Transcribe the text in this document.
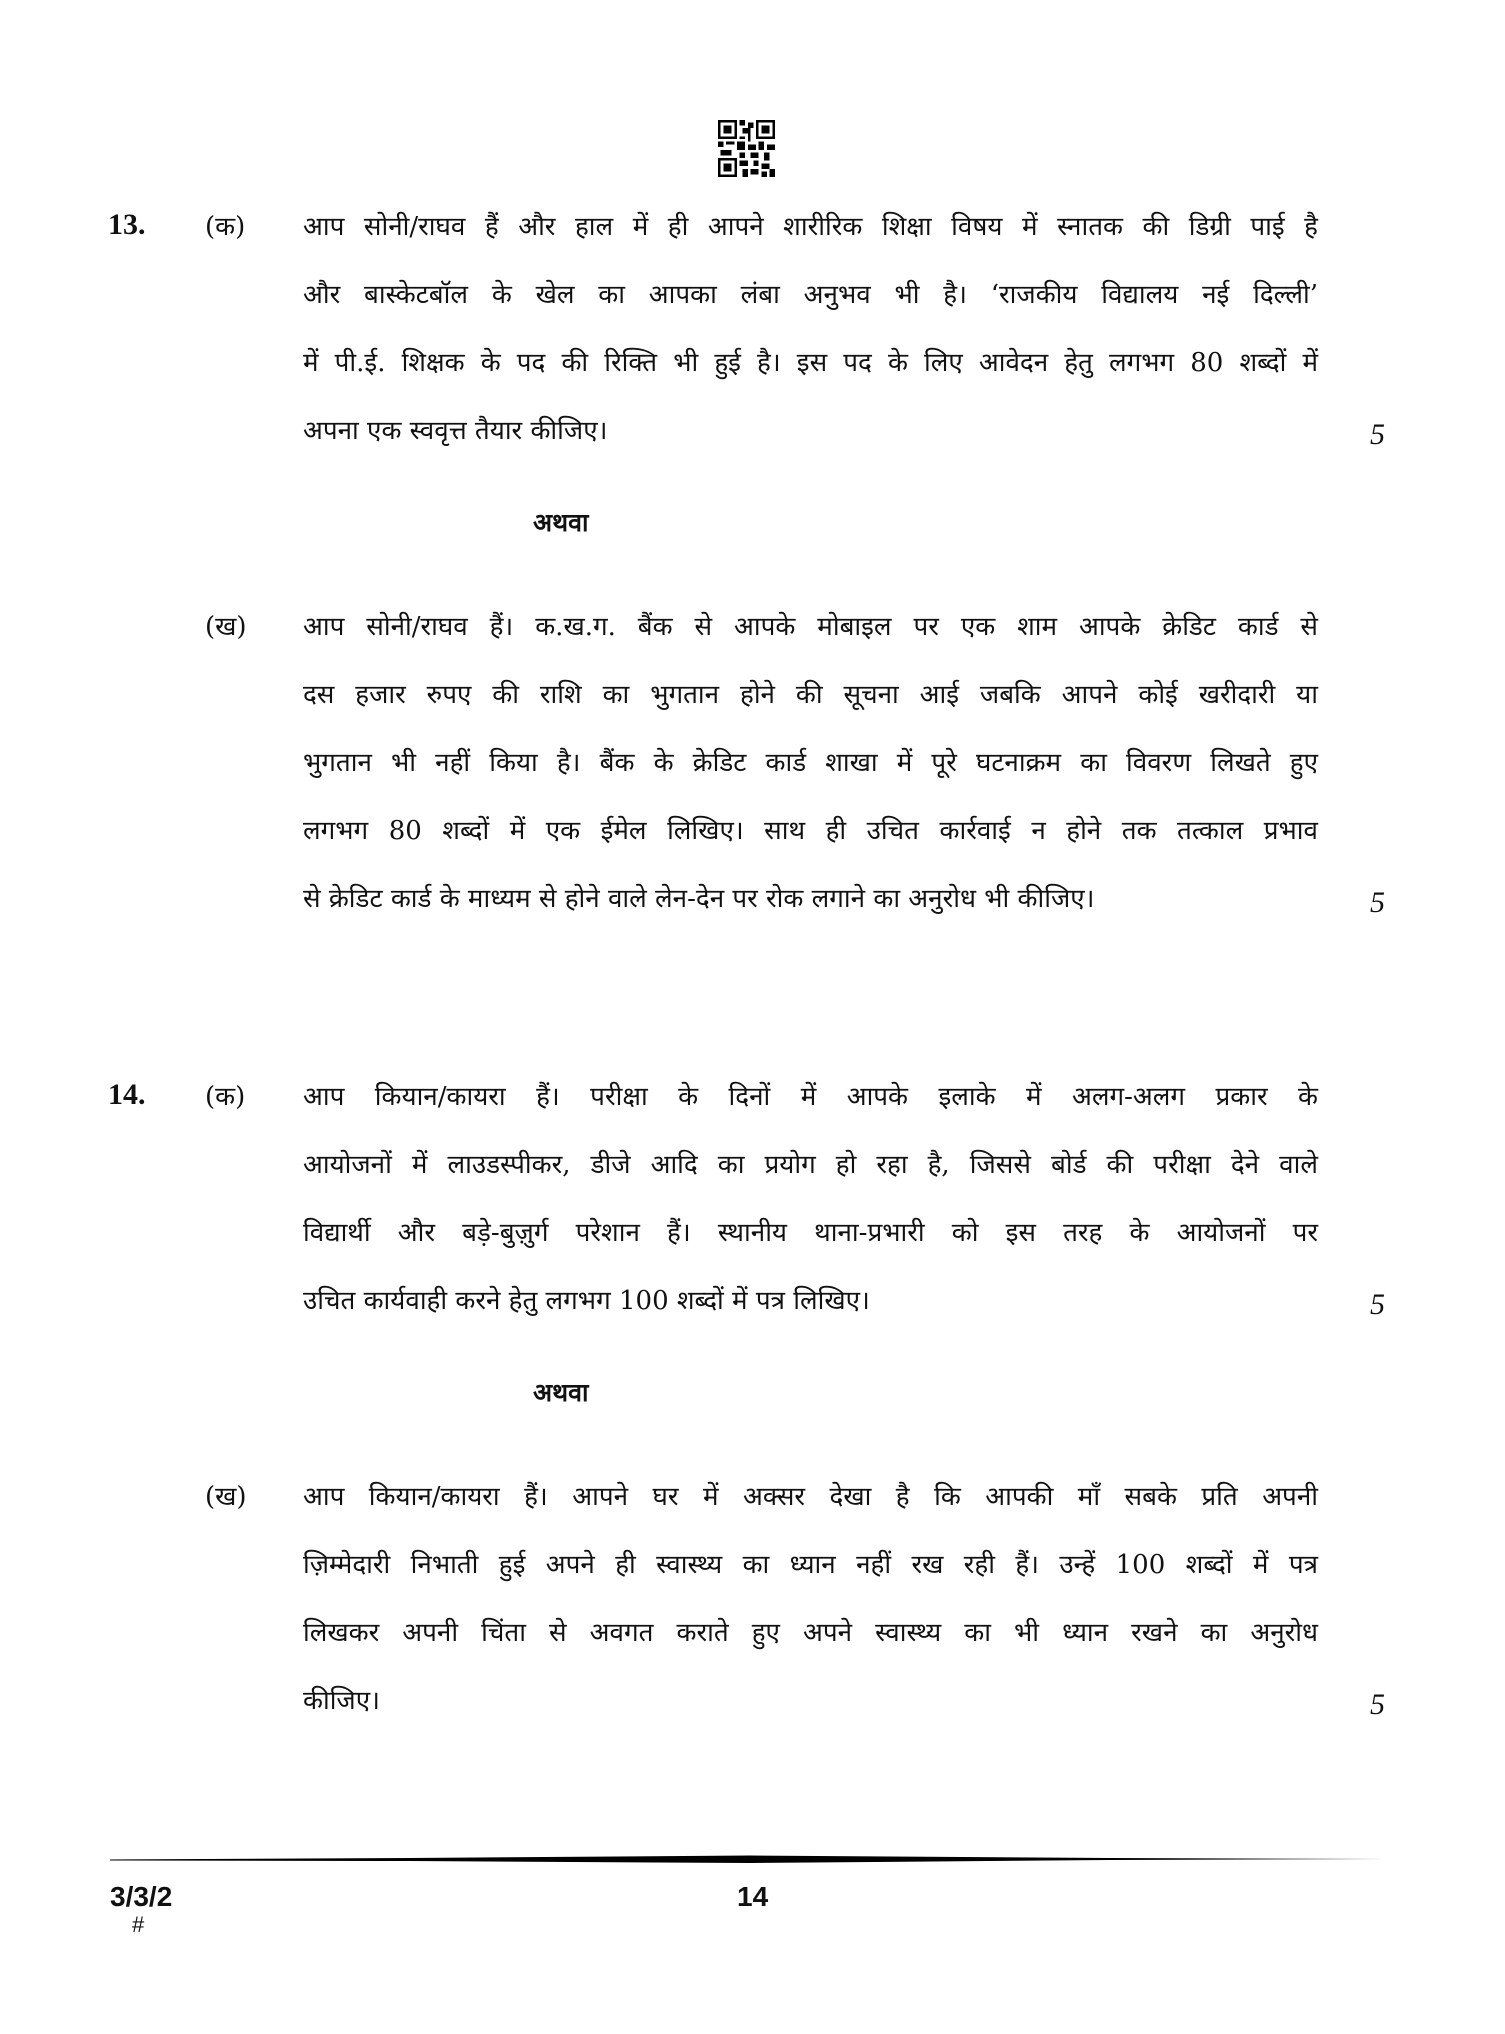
13. (क) आप सोनी/राघव हैं और हाल में ही आपने शारीरिक शिक्षा विषय में स्नातक की डिग्री पाई है
और बास्केटबॉल के खेल का आपका लंबा अनुभव भी है। ‘राजकीय विद्यालय नई दिल्ली’
में पी.ई. शिक्षक के पद की रिक्ति भी हुई है। इस पद के लिए आवेदन हेतु लगभग 80 शब्दों में
अपना एक स्ववृत्त तैयार कीजिए।	5
अथवा
(ख) आप सोनी/राघव हैं। क.ख.ग. बैंक से आपके मोबाइल पर एक शाम आपके क्रेडिट कार्ड से
दस हजार रुपए की राशि का भुगतान होने की सूचना आई जबकि आपने कोई खरीदारी या
भुगतान भी नहीं किया है। बैंक के क्रेडिट कार्ड शाखा में पूरे घटनाक्रम का विवरण लिखते हुए
लगभग 80 शब्दों में एक ईमेल लिखिए। साथ ही उचित कार्रवाई न होने तक तत्काल प्रभाव
से क्रेडिट कार्ड के माध्यम से होने वाले लेन-देन पर रोक लगाने का अनुरोध भी कीजिए।	5
14. (क) आप कियान/कायरा हैं। परीक्षा के दिनों में आपके इलाके में अलग-अलग प्रकार के
आयोजनों में लाउडस्पीकर, डीजे आदि का प्रयोग हो रहा है, जिससे बोर्ड की परीक्षा देने वाले
विद्यार्थी और बड़े-बुज़ुर्ग परेशान हैं। स्थानीय थाना-प्रभारी को इस तरह के आयोजनों पर
उचित कार्यवाही करने हेतु लगभग 100 शब्दों में पत्र लिखिए।	5
अथवा
(ख) आप कियान/कायरा हैं। आपने घर में अक्सर देखा है कि आपकी माँ सबके प्रति अपनी
ज़िम्मेदारी निभाती हुई अपने ही स्वास्थ्य का ध्यान नहीं रख रही हैं। उन्हें 100 शब्दों में पत्र
लिखकर अपनी चिंता से अवगत कराते हुए अपने स्वास्थ्य का भी ध्यान रखने का अनुरोध
कीजिए।	5
3/3/2
#
14
